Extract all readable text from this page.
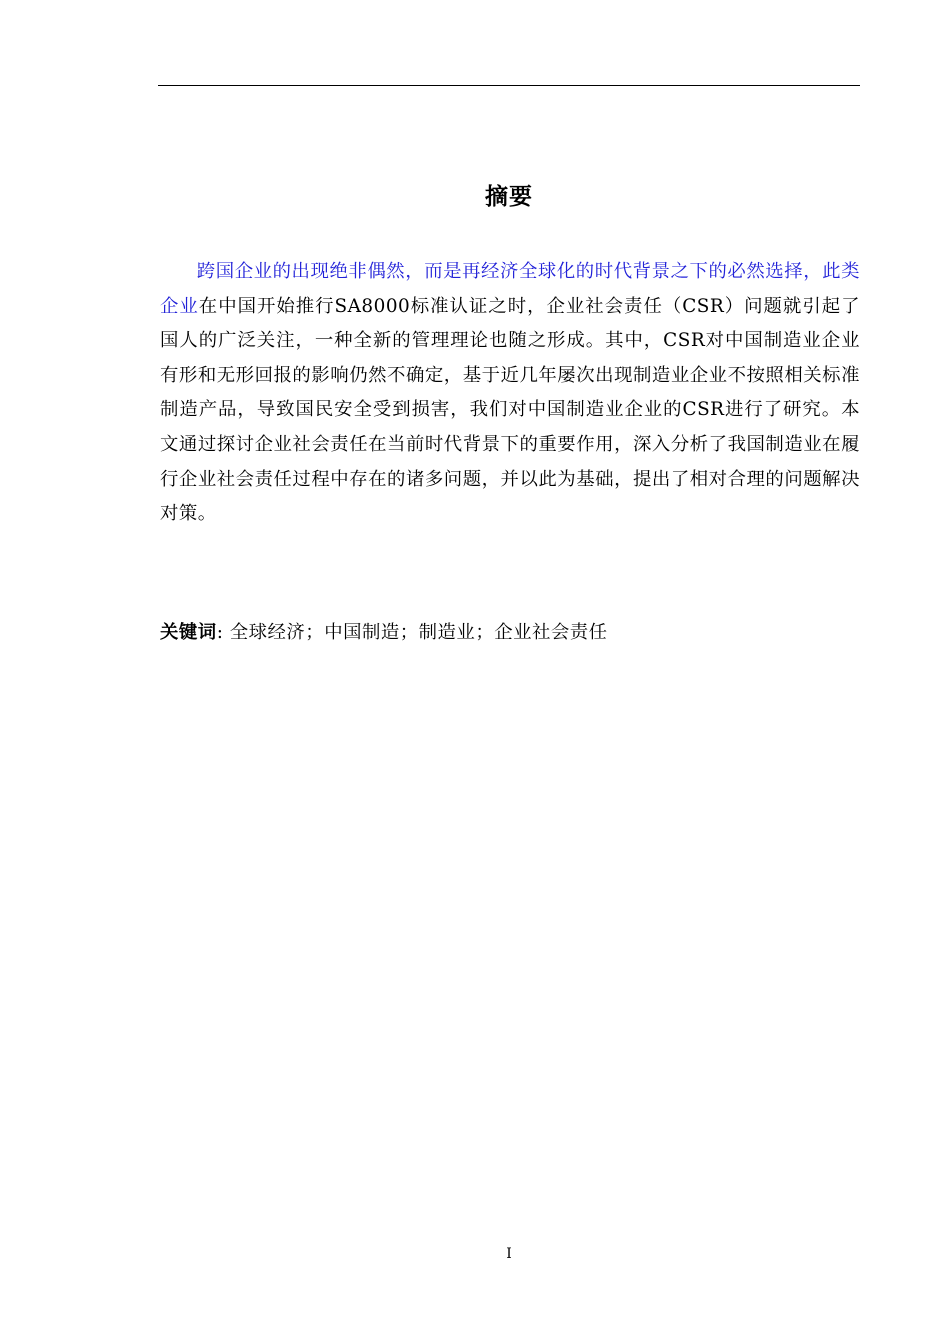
摘要

跨国企业的出现绝非偶然，而是再经济全球化的时代背景之下的必然选择，此类企业在中国开始推行SA8000标准认证之时，企业社会责任（CSR）问题就引起了国人的广泛关注，一种全新的管理理论也随之形成。其中，CSR对中国制造业企业有形和无形回报的影响仍然不确定，基于近几年屡次出现制造业企业不按照相关标准制造产品，导致国民安全受到损害，我们对中国制造业企业的CSR进行了研究。本文通过探讨企业社会责任在当前时代背景下的重要作用，深入分析了我国制造业在履行企业社会责任过程中存在的诸多问题，并以此为基础，提出了相对合理的问题解决对策。

关键词: 全球经济；中国制造；制造业；企业社会责任
I
